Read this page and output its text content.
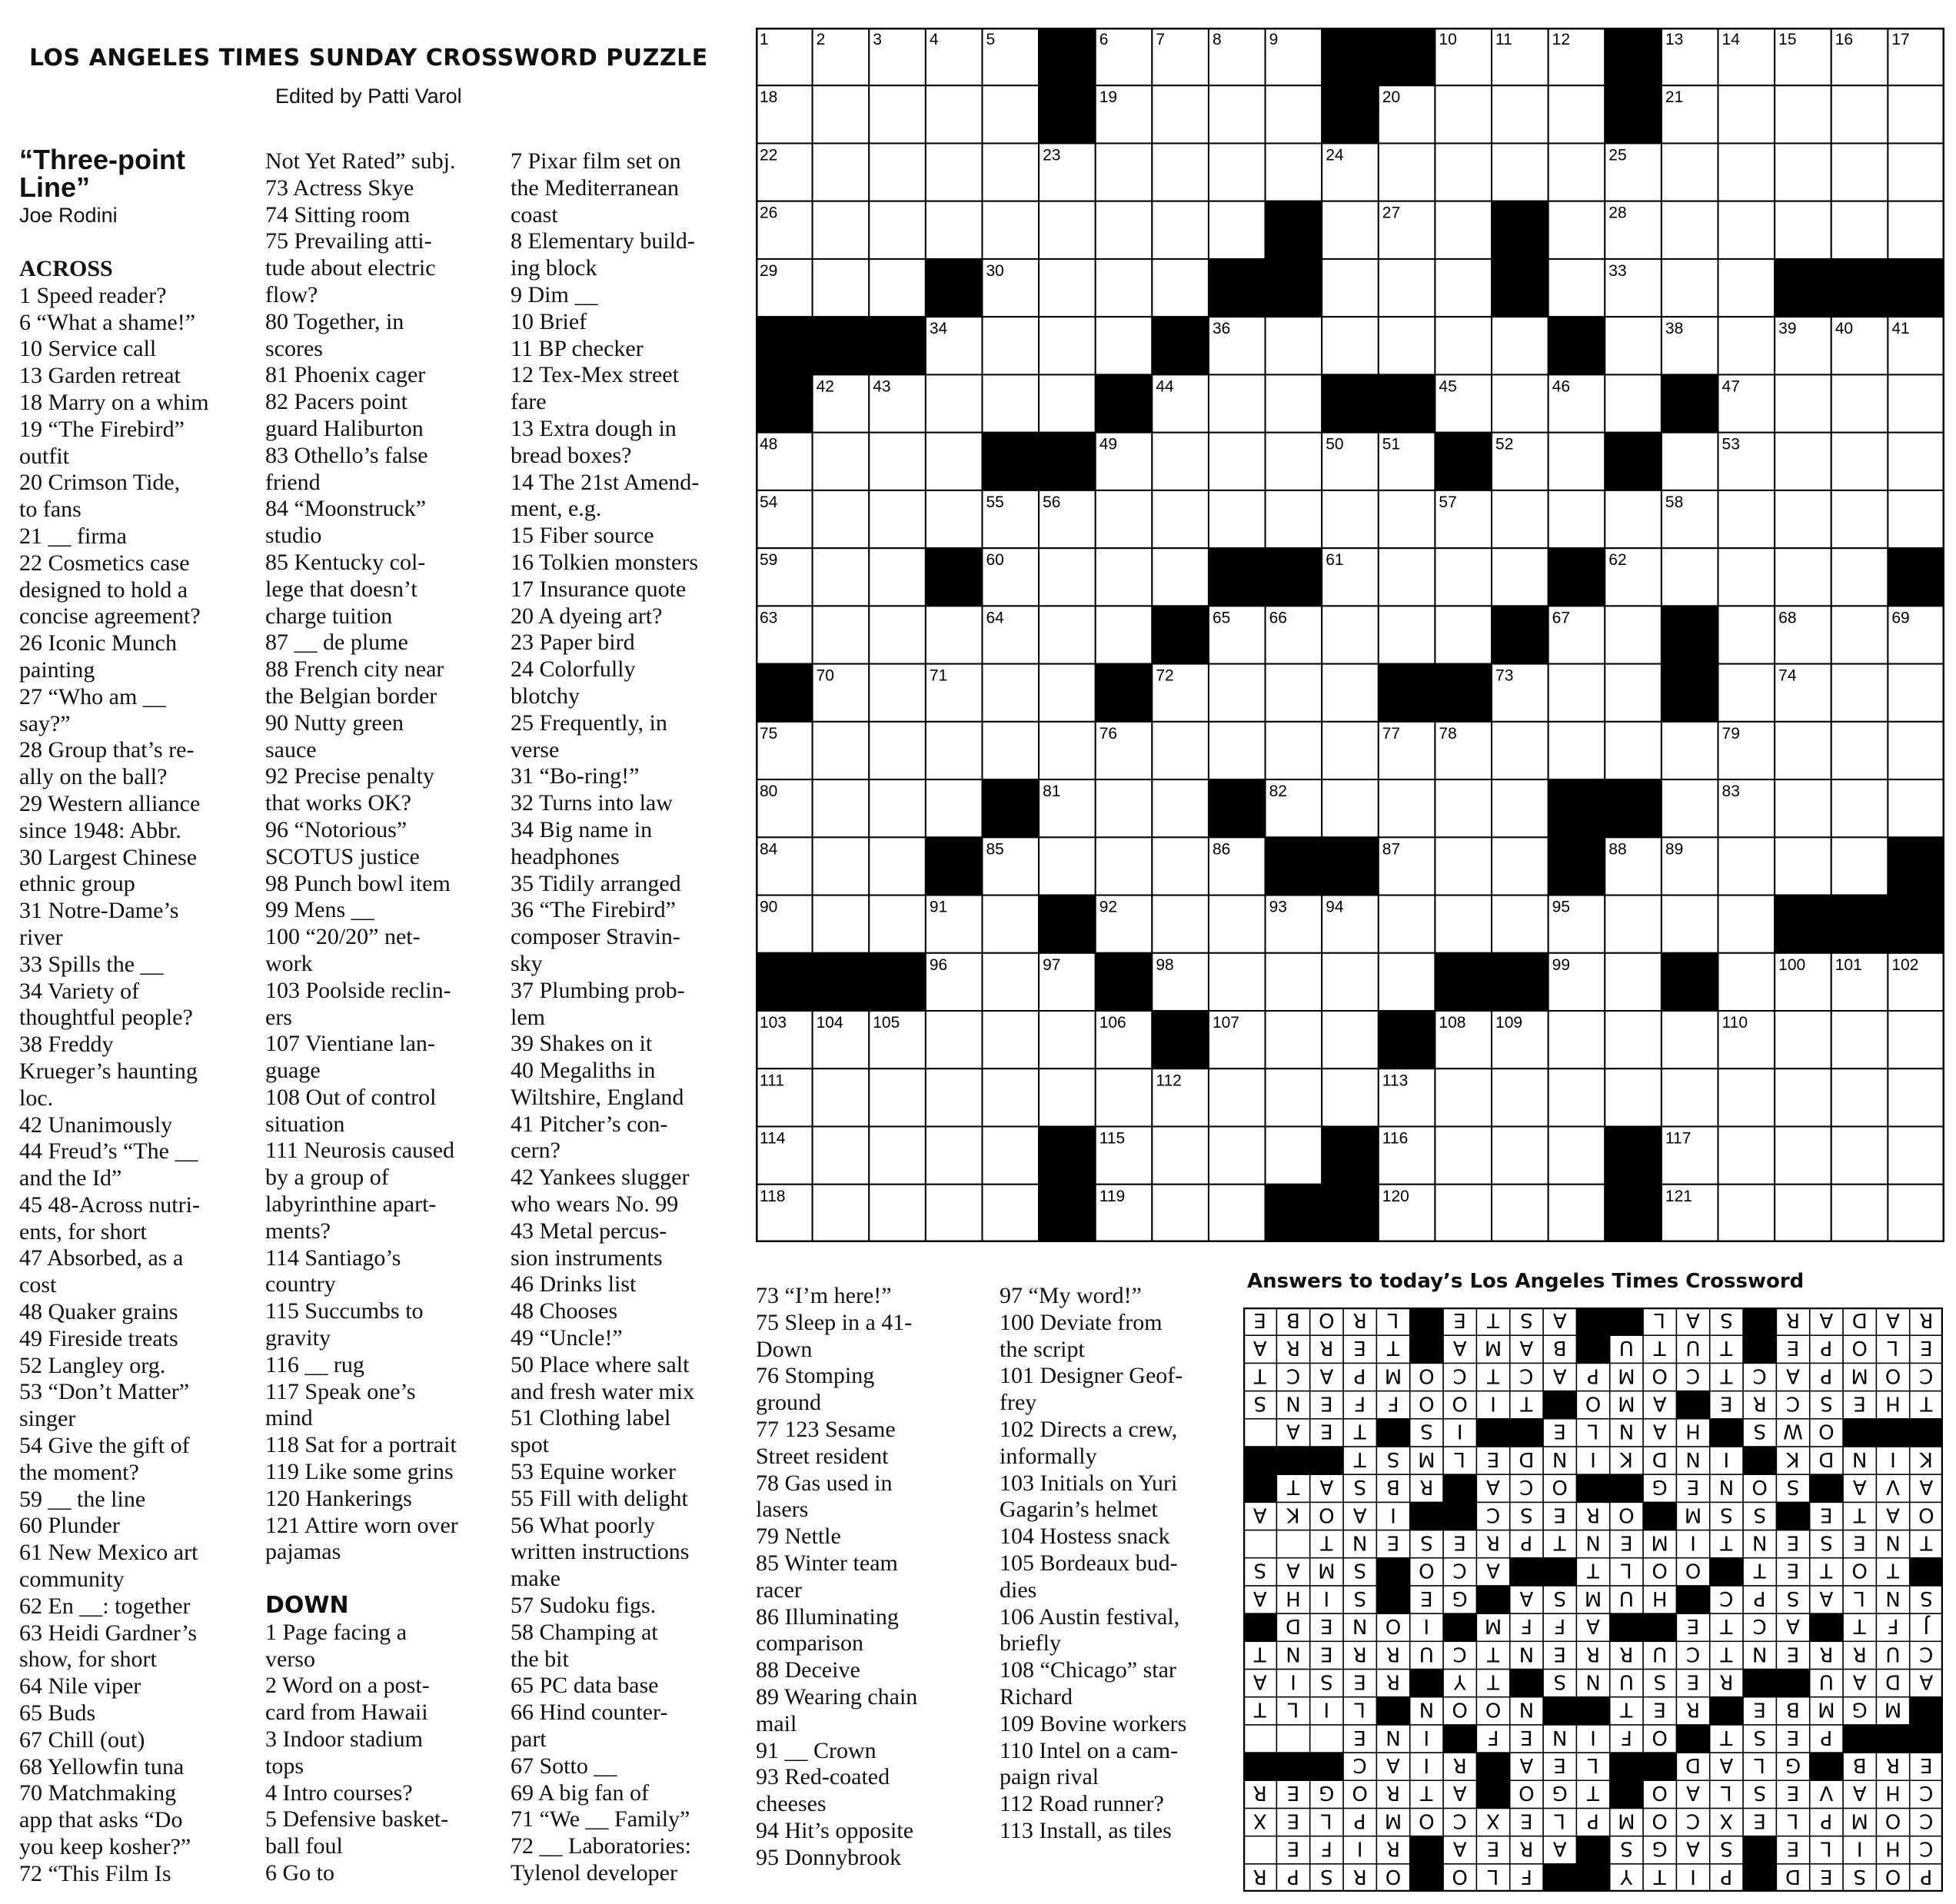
LOS ANGELES TIMES SUNDAY CROSSWORD PUZZLE
Edited by Patti Varol
“Three-point Line”
Joe Rodini
ACROSS
1 Speed reader?
6 “What a shame!”
10 Service call
13 Garden retreat
18 Marry on a whim
19 “The Firebird”
outfit
20 Crimson Tide,
to fans
21 __ firma
22 Cosmetics case
designed to hold a
concise agreement?
26 Iconic Munch
painting
27 “Who am __
say?”
28 Group that’s re-
ally on the ball?
29 Western alliance
since 1948: Abbr.
30 Largest Chinese
ethnic group
31 Notre-Dame’s
river
33 Spills the __
34 Variety of
thoughtful people?
38 Freddy
Krueger’s haunting
loc.
42 Unanimously
44 Freud’s “The __
and the Id”
45 48-Across nutri-
ents, for short
47 Absorbed, as a
cost
48 Quaker grains
49 Fireside treats
52 Langley org.
53 “Don’t Matter”
singer
54 Give the gift of
the moment?
59 __ the line
60 Plunder
61 New Mexico art
community
62 En __: together
63 Heidi Gardner’s
show, for short
64 Nile viper
65 Buds
67 Chill (out)
68 Yellowfin tuna
70 Matchmaking
app that asks “Do
you keep kosher?”
72 “This Film Is
Not Yet Rated” subj.
73 Actress Skye
74 Sitting room
75 Prevailing atti-
tude about electric
flow?
80 Together, in
scores
81 Phoenix cager
82 Pacers point
guard Haliburton
83 Othello’s false
friend
84 “Moonstruck”
studio
85 Kentucky col-
lege that doesn’t
charge tuition
87 __ de plume
88 French city near
the Belgian border
90 Nutty green
sauce
92 Precise penalty
that works OK?
96 “Notorious”
SCOTUS justice
98 Punch bowl item
99 Mens __
100 “20/20” net-
work
103 Poolside reclin-
ers
107 Vientiane lan-
guage
108 Out of control
situation
111 Neurosis caused
by a group of
labyrinthine apart-
ments?
114 Santiago’s
country
115 Succumbs to
gravity
116 __ rug
117 Speak one’s
mind
118 Sat for a portrait
119 Like some grins
120 Hankerings
121 Attire worn over
pajamas

DOWN
1 Page facing a
verso
2 Word on a post-
card from Hawaii
3 Indoor stadium
tops
4 Intro courses?
5 Defensive basket-
ball foul
6 Go to
7 Pixar film set on
the Mediterranean
coast
8 Elementary build-
ing block
9 Dim __
10 Brief
11 BP checker
12 Tex-Mex street
fare
13 Extra dough in
bread boxes?
14 The 21st Amend-
ment, e.g.
15 Fiber source
16 Tolkien monsters
17 Insurance quote
20 A dyeing art?
23 Paper bird
24 Colorfully
blotchy
25 Frequently, in
verse
31 “Bo-ring!”
32 Turns into law
34 Big name in
headphones
35 Tidily arranged
36 “The Firebird”
composer Stravin-
sky
37 Plumbing prob-
lem
39 Shakes on it
40 Megaliths in
Wiltshire, England
41 Pitcher’s con-
cern?
42 Yankees slugger
who wears No. 99
43 Metal percus-
sion instruments
46 Drinks list
48 Chooses
49 “Uncle!”
50 Place where salt
and fresh water mix
51 Clothing label
spot
53 Equine worker
55 Fill with delight
56 What poorly
written instructions
make
57 Sudoku figs.
58 Champing at
the bit
65 PC data base
66 Hind counter-
part
67 Sotto __
69 A big fan of
71 “We __ Family”
72 __ Laboratories:
Tylenol developer
73 “I’m here!”
75 Sleep in a 41-
Down
76 Stomping
ground
77 123 Sesame
Street resident
78 Gas used in
lasers
79 Nettle
85 Winter team
racer
86 Illuminating
comparison
88 Deceive
89 Wearing chain
mail
91 __ Crown
93 Red-coated
cheeses
94 Hit’s opposite
95 Donnybrook
97 “My word!”
100 Deviate from
the script
101 Designer Geof-
frey
102 Directs a crew,
informally
103 Initials on Yuri
Gagarin’s helmet
104 Hostess snack
105 Bordeaux bud-
dies
106 Austin festival,
briefly
108 “Chicago” star
Richard
109 Bovine workers
110 Intel on a cam-
paign rival
112 Road runner?
113 Install, as tiles
1	2	3	4	5	6	7	8	9	10 11 12	13 14 15 16 17
18	19	20	21
22	23	24	25
26	27	28
29	30	33
34	36	38	39 40 41
42 43	44	45	46	47
48	49	50 51	52	53
54	55 56	57	58
59	60	61	62
63	64	65 66	67	68	69
70	71	72	73	74
75	76	77 78	79
80	81	82	83
84	85	86	87	88 89
90	91	92	93 94	95
96	97	98	99	100 101 102
103 104 105	106	107	108 109	110
111	112	113
114	115	116	117
118	119	120	121
Answers to today’s Los Angeles Times Crossword
P
O
S
E
D
P
I
T
Y
F
L
O
O
R
S
P
R
C
H
I
L
E
S
A
G
S
A
R
E
A
R
I
F
E
C
O
M
P
L
E
X
C
O
M
P
L
E
X
C
O
M
P
L
E
X
C
H
A
V
E
S
L
A
O
T
G
O
A
T
R
O
G
E
R
E
R
B
G
L
A
D
L
E
A
R
I
A
C
P
E
S
T
O
F
I
N
E
F
I
N
E
M
G
M
B
E
R
E
T
N
O
O
N
L
I
L
T
A
D
A
U
R
E
S
U
N
S
T
Y
R
E
S
I
A
C
U
R
R
E
N
T
C
U
R
R
E
N
T
C
U
R
R
E
N
T
J
F
T
A
C
T
E
A
F
F
M
I
O
N
E
D
S
N
L
A
S
P
C
H
U
M
S
A
G
E
S
I
H
A
T
O
T
E
T
O
O
L
T
A
C
O
S
M
A
S
T
N
E
S
E
N
T
I
M
E
N
T
P
R
E
S
E
N
T
O
A
T
E
S
S
M
O
R
E
S
C
I
A
O
K
A
A
V
A
S
O
N
E
G
O
C
A
R
B
S
A
T
K
I
N
D
K
I
N
D
K
I
N
D
E
L
M
S
T
O
W
S
H
A
N
L
E
I
S
T
E
A
T
H
E
S
C
R
E
A
M
O
T
I
O
O
F
F
E
N
S
C
O
M
P
A
C
T
C
O
M
P
A
C
T
C
O
M
P
A
C
T
E
L
O
P
E
T
U
T
U
B
A
M
A
T
E
R
R
A
R
A
D
A
R
S
A
L
A
S
T
E
L
R
O
B
E
